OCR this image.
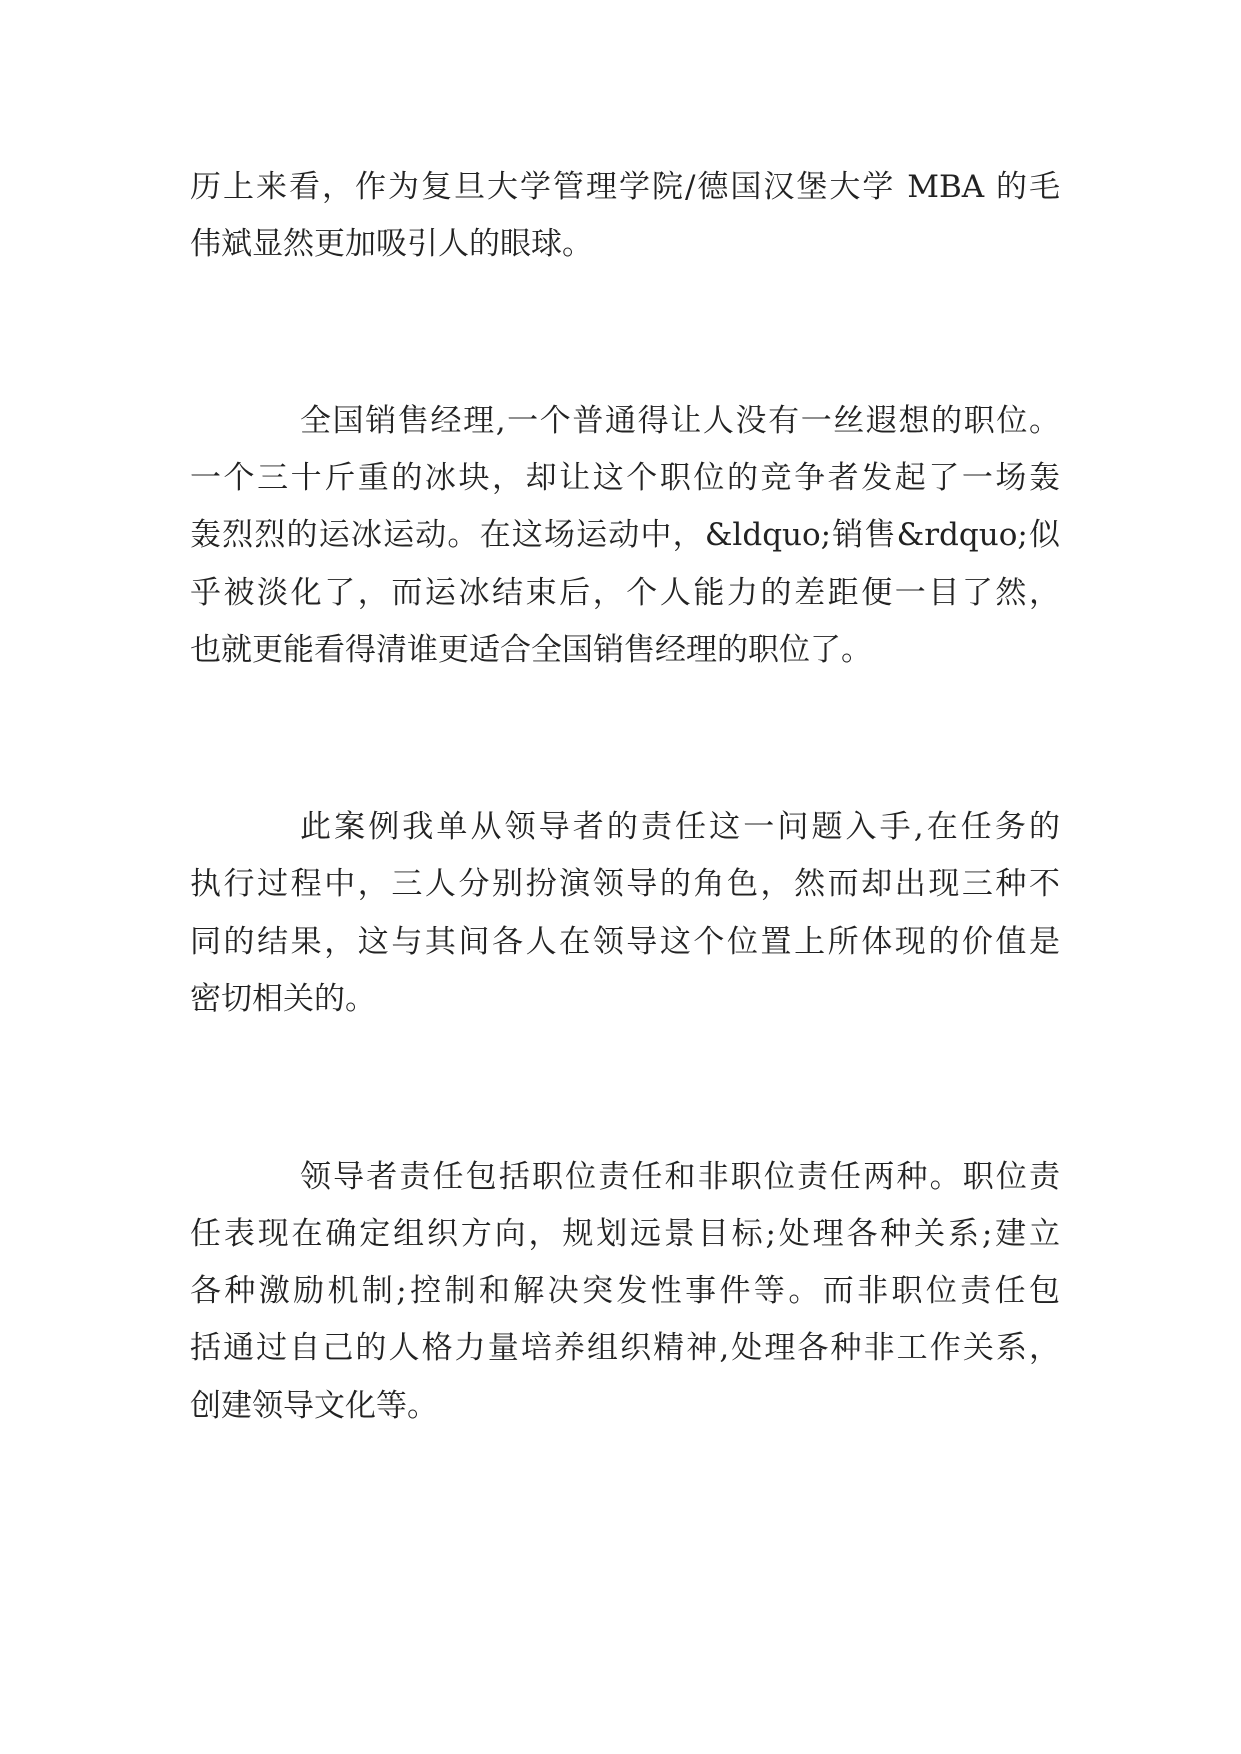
历上来看，作为复旦大学管理学院/德国汉堡大学 MBA 的毛
伟斌显然更加吸引人的眼球。
全国销售经理,一个普通得让人没有一丝遐想的职位。
一个三十斤重的冰块，却让这个职位的竞争者发起了一场轰
轰烈烈的运冰运动。在这场运动中，&ldquo;销售&rdquo;似
乎被淡化了，而运冰结束后，个人能力的差距便一目了然，
也就更能看得清谁更适合全国销售经理的职位了。
此案例我单从领导者的责任这一问题入手,在任务的
执行过程中，三人分别扮演领导的角色，然而却出现三种不
同的结果，这与其间各人在领导这个位置上所体现的价值是
密切相关的。
领导者责任包括职位责任和非职位责任两种。职位责
任表现在确定组织方向，规划远景目标;处理各种关系;建立
各种激励机制;控制和解决突发性事件等。而非职位责任包
括通过自己的人格力量培养组织精神,处理各种非工作关系，
创建领导文化等。
